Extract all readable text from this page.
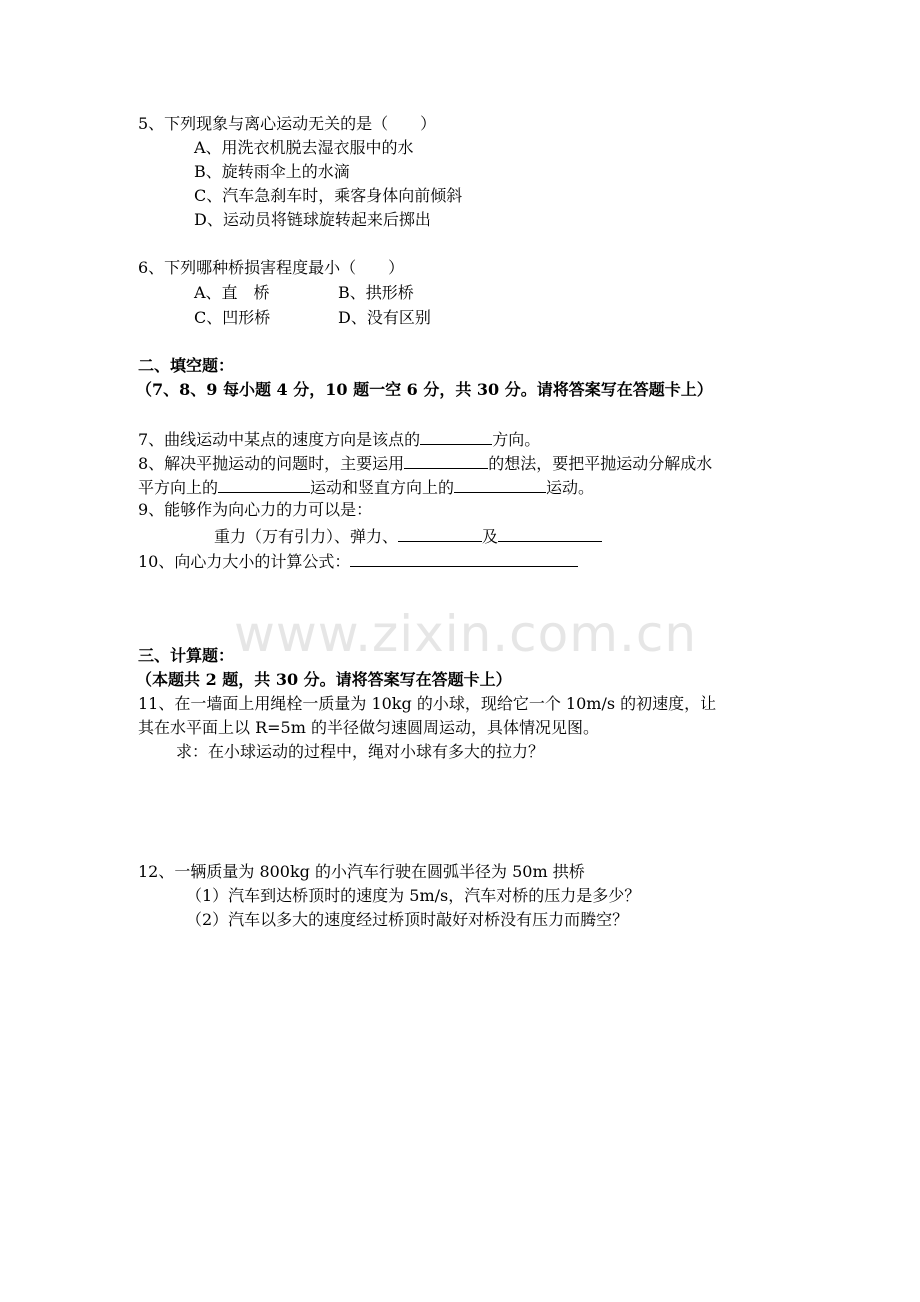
www.zixin.com.cn
5、下列现象与离心运动无关的是（　　）
A、用洗衣机脱去湿衣服中的水
B、旋转雨伞上的水滴
C、汽车急刹车时，乘客身体向前倾斜
D、运动员将链球旋转起来后掷出
6、下列哪种桥损害程度最小（　　）
A、直　桥	B、拱形桥
C、凹形桥	D、没有区别
二、填空题：
（7、8、9 每小题 4 分，10 题一空 6 分，共 30 分。请将答案写在答题卡上）
7、曲线运动中某点的速度方向是该点的	方向。
8、解决平抛运动的问题时，主要运用	的想法，要把平抛运动分解成水
平方向上的	运动和竖直方向上的	运动。
9、能够作为向心力的力可以是：
重力（万有引力）、弹力、	及
10、向心力大小的计算公式：
三、计算题：
（本题共 2 题，共 30 分。请将答案写在答题卡上）
11、在一墙面上用绳栓一质量为 10kg 的小球，现给它一个 10m/s 的初速度，让
其在水平面上以 R=5m 的半径做匀速圆周运动，具体情况见图。
求：在小球运动的过程中，绳对小球有多大的拉力？
12、一辆质量为 800kg 的小汽车行驶在圆弧半径为 50m 拱桥
（1）汽车到达桥顶时的速度为 5m/s，汽车对桥的压力是多少？
（2）汽车以多大的速度经过桥顶时敲好对桥没有压力而腾空？
